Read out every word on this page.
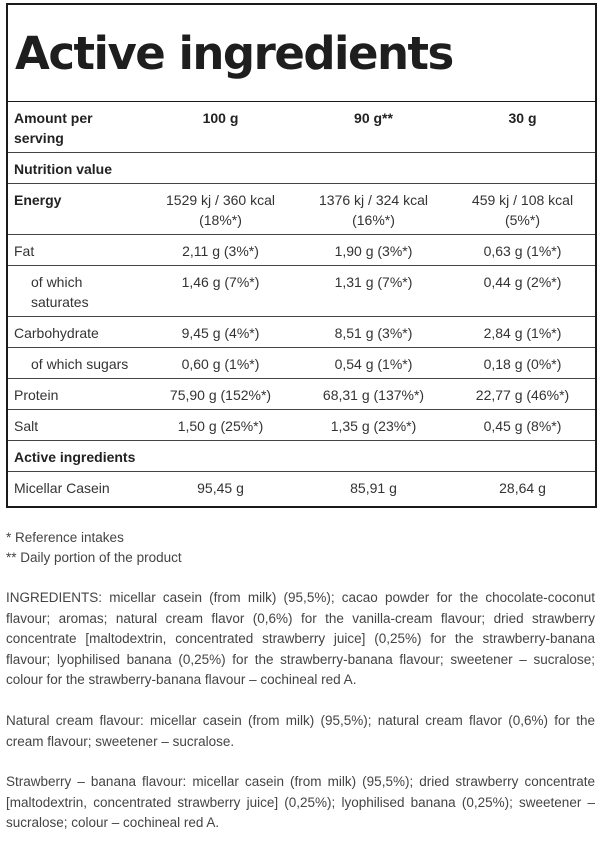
Active ingredients
Amount per serving	100 g	90 g**	30 g
Nutrition value			
Energy	1529 kj / 360 kcal (18%*)	1376 kj / 324 kcal (16%*)	459 kj / 108 kcal (5%*)
Fat	2,11 g (3%*)	1,90 g (3%*)	0,63 g (1%*)
of which saturates	1,46 g (7%*)	1,31 g (7%*)	0,44 g (2%*)
Carbohydrate	9,45 g (4%*)	8,51 g (3%*)	2,84 g (1%*)
of which sugars	0,60 g (1%*)	0,54 g (1%*)	0,18 g (0%*)
Protein	75,90 g (152%*)	68,31 g (137%*)	22,77 g (46%*)
Salt	1,50 g (25%*)	1,35 g (23%*)	0,45 g (8%*)
Active ingredients			
Micellar Casein	95,45 g	85,91 g	28,64 g

* Reference intakes

** Daily portion of the product

INGREDIENTS: micellar casein (from milk) (95,5%); cacao powder for the chocolate-coconut flavour; aromas; natural cream flavor (0,6%) for the vanilla-cream flavour; dried strawberry concentrate [maltodextrin, concentrated strawberry juice] (0,25%) for the strawberry-banana flavour; lyophilised banana (0,25%) for the strawberry-banana flavour; sweetener – sucralose; colour for the strawberry-banana flavour – cochineal red A.

Natural cream flavour: micellar casein (from milk) (95,5%); natural cream flavor (0,6%) for the cream flavour; sweetener – sucralose.

Strawberry – banana flavour: micellar casein (from milk) (95,5%); dried strawberry concentrate [maltodextrin, concentrated strawberry juice] (0,25%); lyophilised banana (0,25%); sweetener – sucralose; colour – cochineal red A.
